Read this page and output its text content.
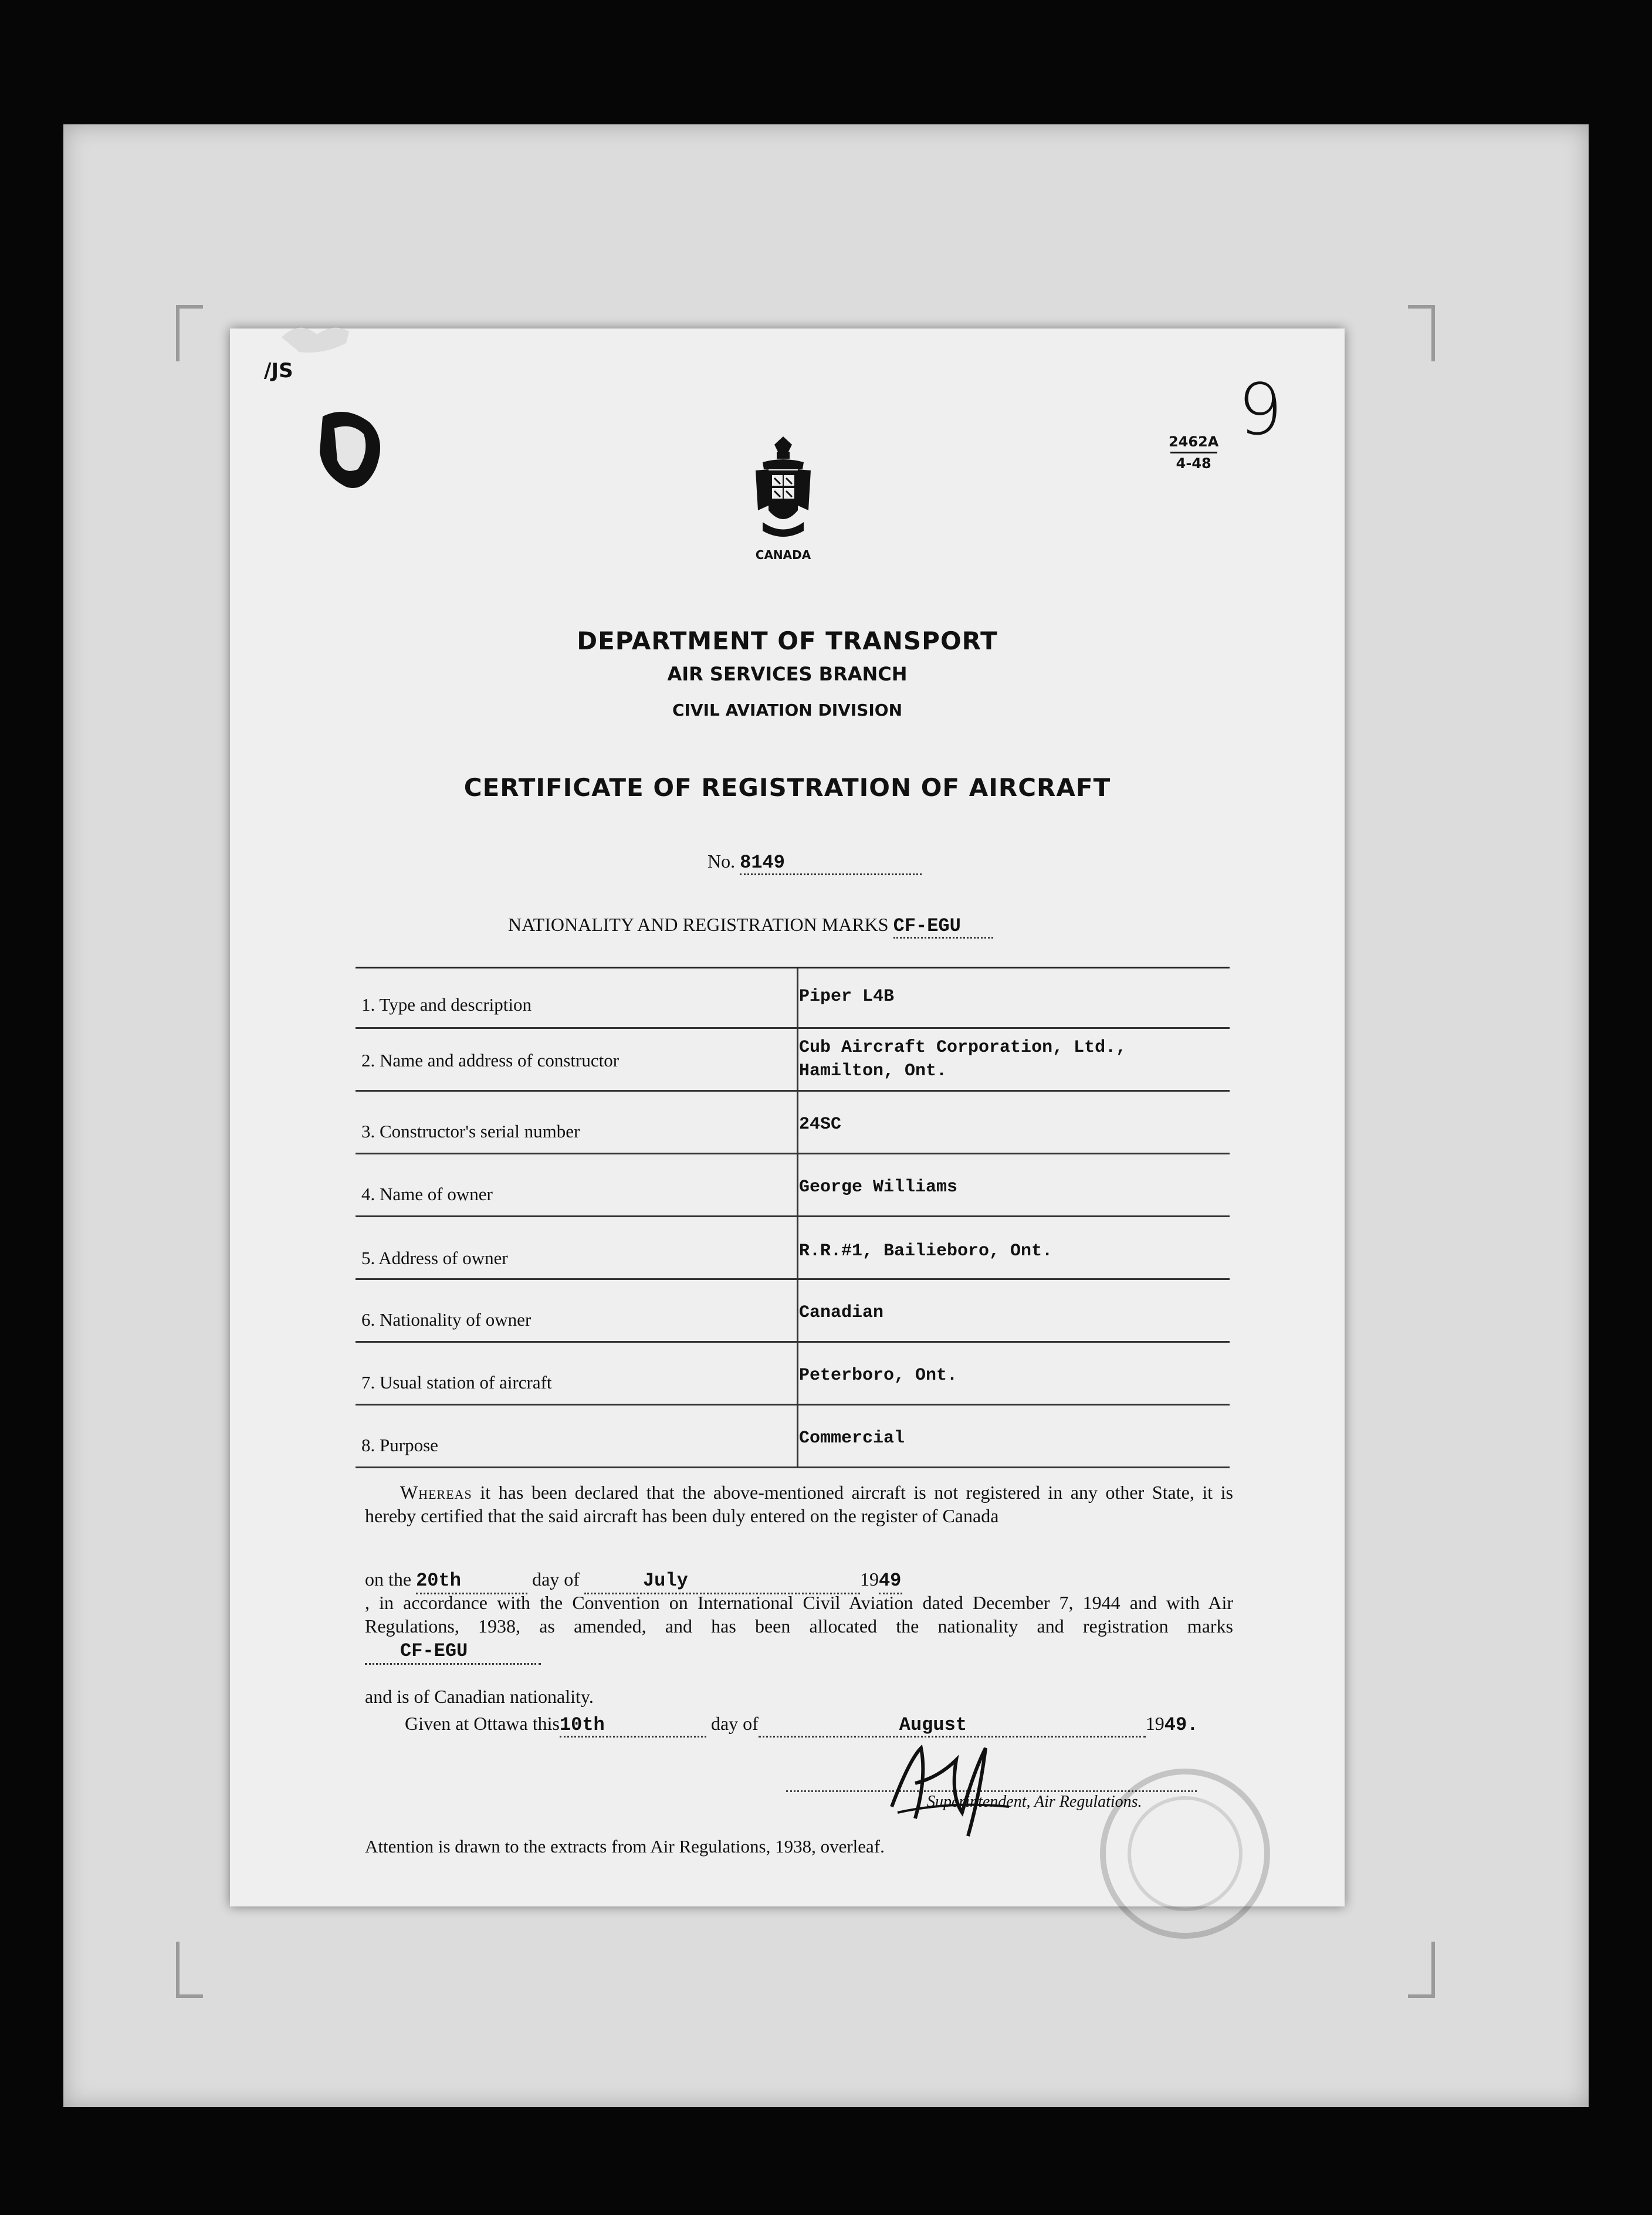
/JS	9
2462A
4-48
CANADA
DEPARTMENT OF TRANSPORT
AIR SERVICES BRANCH
CIVIL AVIATION DIVISION
CERTIFICATE OF REGISTRATION OF AIRCRAFT
No. 8149
NATIONALITY AND REGISTRATION MARKS CF-EGU
1. Type and description	Piper L4B
2. Name and address of constructor
Cub Aircraft Corporation, Ltd.,
Hamilton, Ont.
3. Constructor's serial number	24SC
4. Name of owner	George Williams
5. Address of owner	R.R.#1, Bailieboro, Ont.
6. Nationality of owner	Canadian
7. Usual station of aircraft	Peterboro, Ont.
8. Purpose	Commercial
Whereas it has been declared that the above-mentioned aircraft is not registered in any other State, it is hereby certified that the said aircraft has been duly entered on the register of Canada
on the 20th	day of	July	1949
, in accordance with the Convention on International Civil Aviation dated December 7, 1944 and with Air Regulations, 1938, as amended, and has been allocated the nationality and registration marks CF-EGU
and is of Canadian nationality.
Given at Ottawa this10th	day of	August	1949.
Superintendent, Air Regulations.
Attention is drawn to the extracts from Air Regulations, 1938, overleaf.
